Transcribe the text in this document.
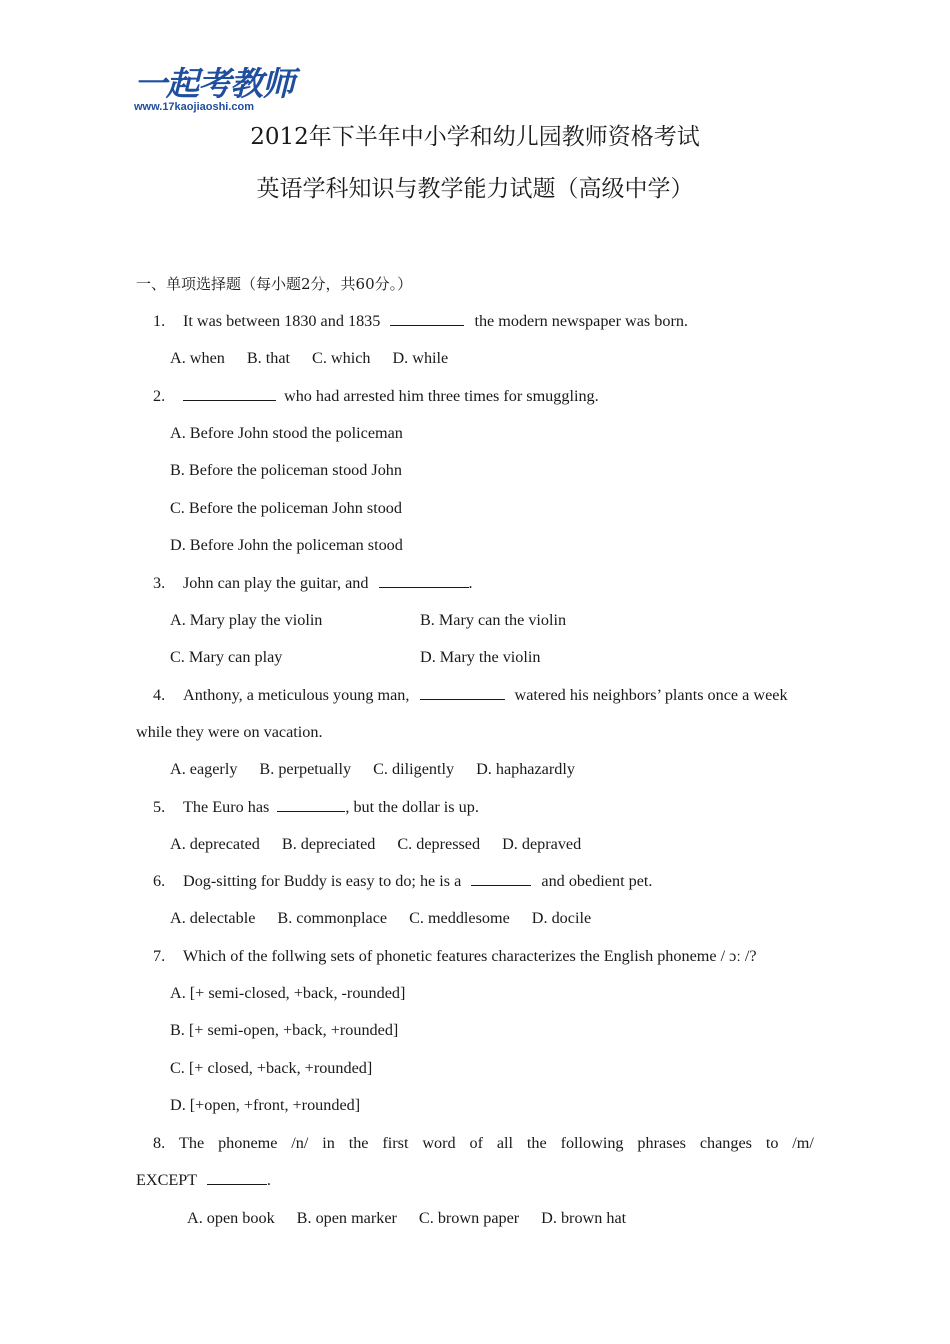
一起考教师
www.17kaojiaoshi.com
2012年下半年中小学和幼儿园教师资格考试
英语学科知识与教学能力试题（高级中学）
一、单项选择题（每小题2分，共60分。）
1. It was between 1830 and 1835	the modern newspaper was born.
A. when B. that C. which D. while
2.	who had arrested him three times for smuggling.
A. Before John stood the policeman
B. Before the policeman stood John
C. Before the policeman John stood
D. Before John the policeman stood
3. John can play the guitar, and	.
A. Mary play the violin	B. Mary can the violin
C. Mary can play	D. Mary the violin
4. Anthony, a meticulous young man,	watered his neighbors’ plants once a week
while they were on vacation.
A. eagerly B. perpetually C. diligently D. haphazardly
5. The Euro has	, but the dollar is up.
A. deprecated B. depreciated C. depressed D. depraved
6. Dog-sitting for Buddy is easy to do; he is a	and obedient pet.
A. delectable B. commonplace C. meddlesome D. docile
7. Which of the follwing sets of phonetic features characterizes the English phoneme / ɔː /?
A. [+ semi-closed, +back, -rounded]
B. [+ semi-open, +back, +rounded]
C. [+ closed, +back, +rounded]
D. [+open, +front, +rounded]
8. The phoneme /n/ in the first word of all the following phrases changes to /m/
EXCEPT	.
A. open book B. open marker C. brown paper D. brown hat
